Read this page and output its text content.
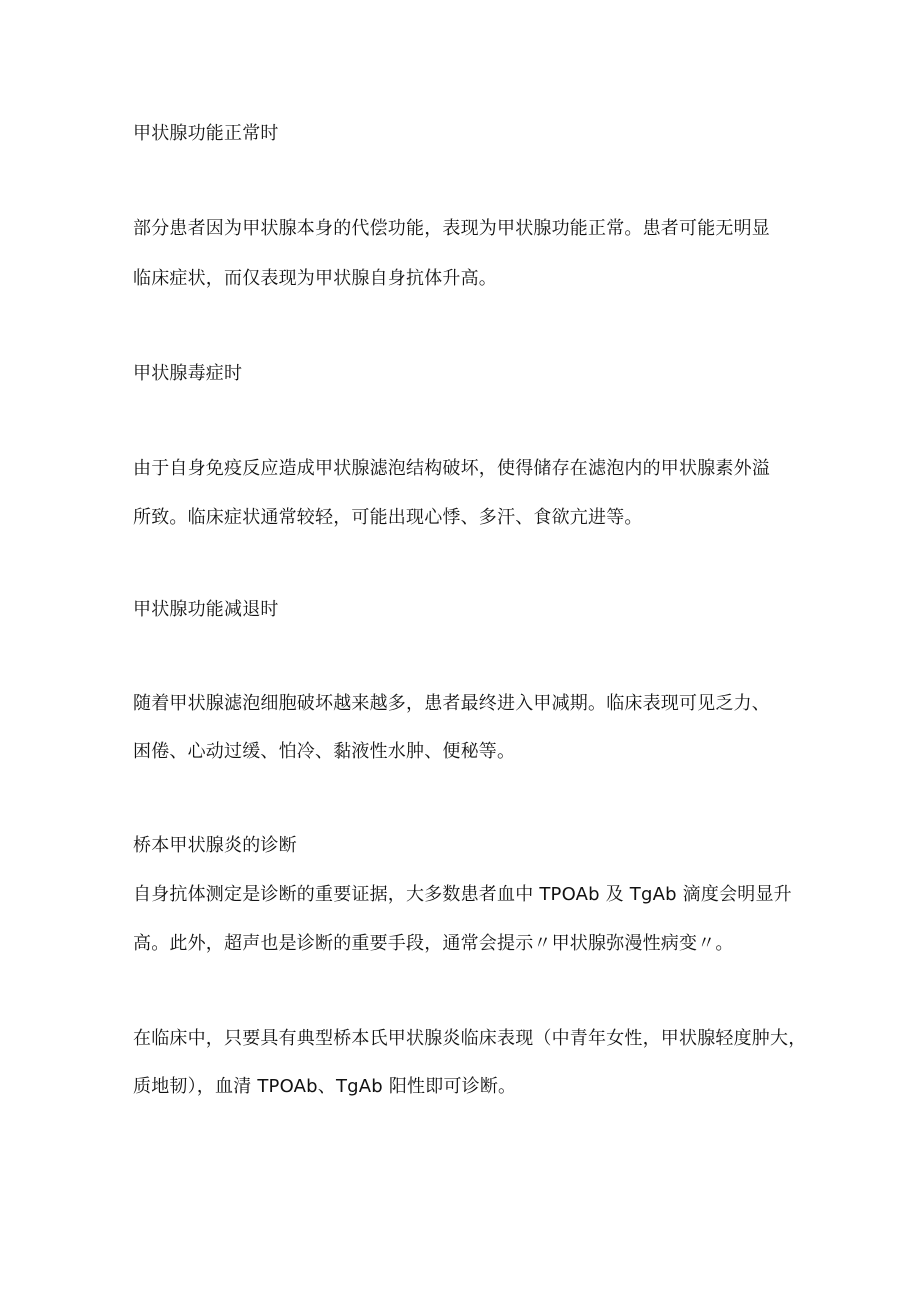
甲状腺功能正常时
部分患者因为甲状腺本身的代偿功能，表现为甲状腺功能正常。患者可能无明显
临床症状，而仅表现为甲状腺自身抗体升高。
甲状腺毒症时
由于自身免疫反应造成甲状腺滤泡结构破坏，使得储存在滤泡内的甲状腺素外溢
所致。临床症状通常较轻，可能出现心悸、多汗、食欲亢进等。
甲状腺功能减退时
随着甲状腺滤泡细胞破坏越来越多，患者最终进入甲减期。临床表现可见乏力、
困倦、心动过缓、怕冷、黏液性水肿、便秘等。
桥本甲状腺炎的诊断
自身抗体测定是诊断的重要证据，大多数患者血中 TPOAb 及 TgAb 滴度会明显升
高。此外，超声也是诊断的重要手段，通常会提示〃甲状腺弥漫性病变〃。
在临床中，只要具有典型桥本氏甲状腺炎临床表现（中青年女性，甲状腺轻度肿大，
质地韧），血清 TPOAb、TgAb 阳性即可诊断。
